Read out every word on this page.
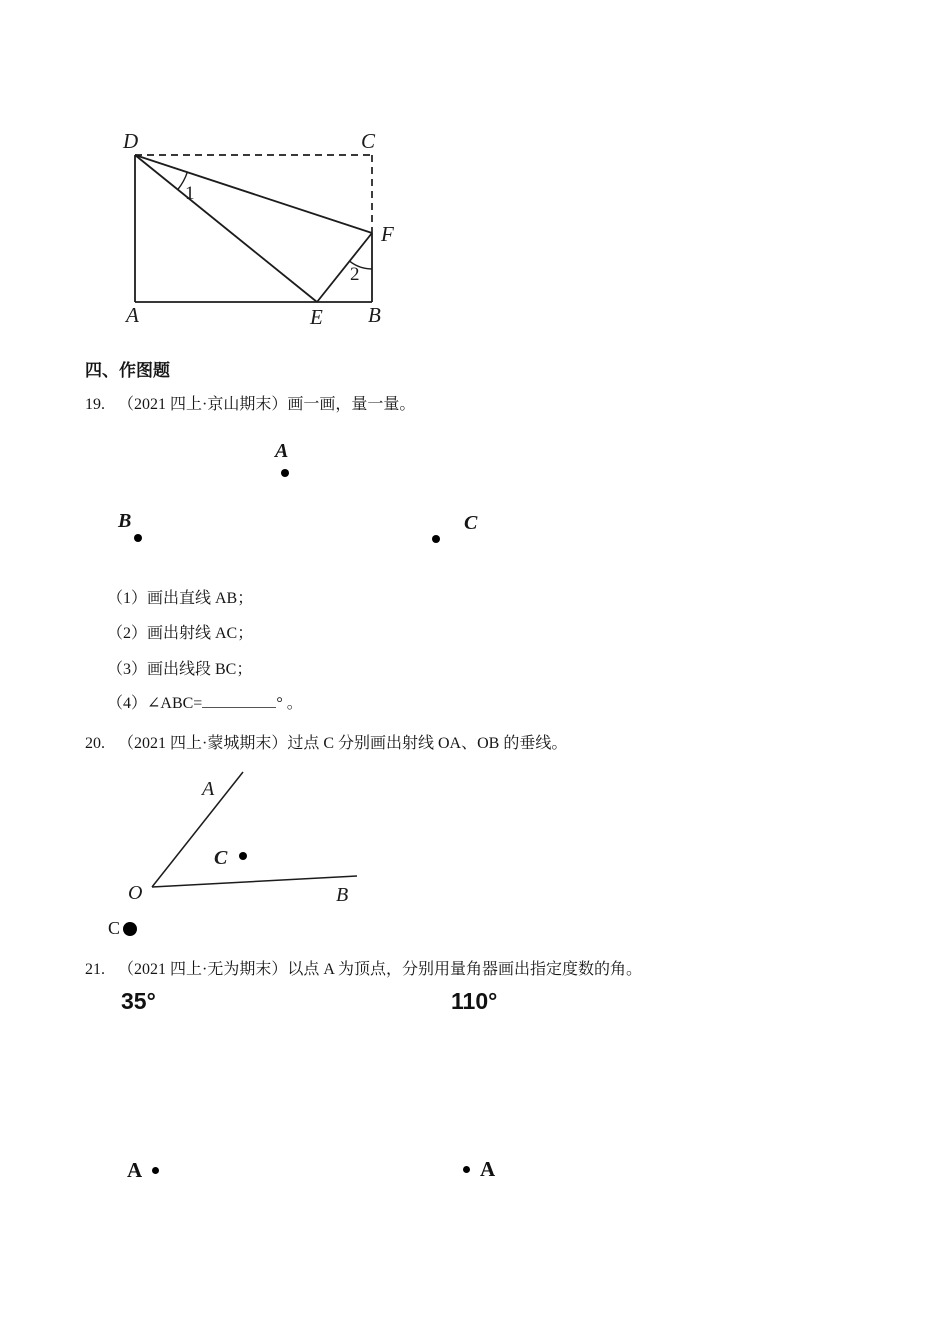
D	C
F
A	E B
1
2
四、作图题
19. （2021 四上·京山期末）画一画，量一量。
A
B	C
（1）画出直线 AB；
（2）画出射线 AC；
（3）画出线段 BC；
（4）∠ABC=	° 。
20. （2021 四上·蒙城期末）过点 C 分别画出射线 OA、OB 的垂线。
O
A
B
C
C
21. （2021 四上·无为期末）以点 A 为顶点，分别用量角器画出指定度数的角。
35°	110°
A	A
